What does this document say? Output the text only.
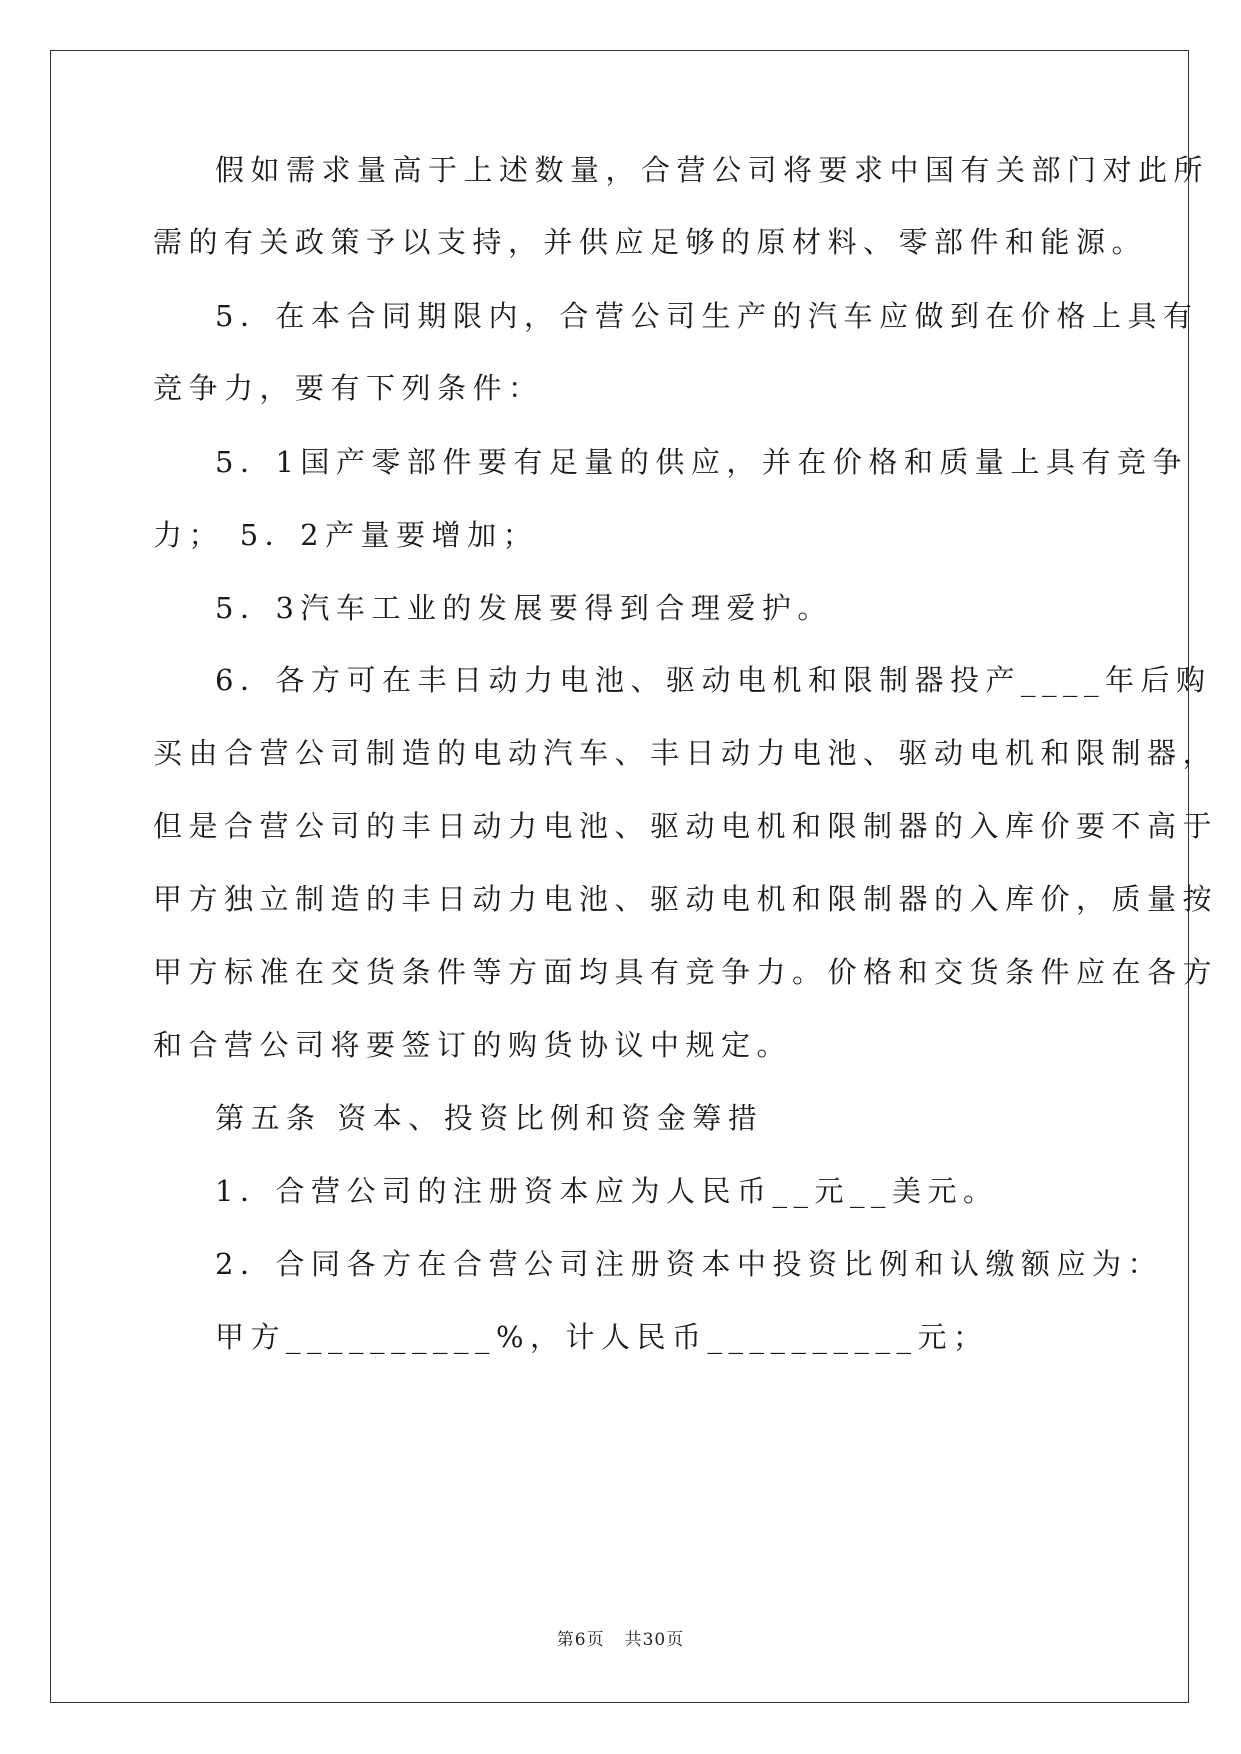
假如需求量高于上述数量，合营公司将要求中国有关部门对此所
需的有关政策予以支持，并供应足够的原材料、零部件和能源。
5．在本合同期限内，合营公司生产的汽车应做到在价格上具有
竞争力，要有下列条件：
5．1国产零部件要有足量的供应，并在价格和质量上具有竞争
力； 5．2产量要增加；
5．3汽车工业的发展要得到合理爱护。
6．各方可在丰日动力电池、驱动电机和限制器投产____年后购
买由合营公司制造的电动汽车、丰日动力电池、驱动电机和限制器，
但是合营公司的丰日动力电池、驱动电机和限制器的入库价要不高于
甲方独立制造的丰日动力电池、驱动电机和限制器的入库价，质量按
甲方标准在交货条件等方面均具有竞争力。价格和交货条件应在各方
和合营公司将要签订的购货协议中规定。
第五条 资本、投资比例和资金筹措
1．合营公司的注册资本应为人民币__元__美元。
2．合同各方在合营公司注册资本中投资比例和认缴额应为：
甲方__________%，计人民币__________元；
第6页 共30页
